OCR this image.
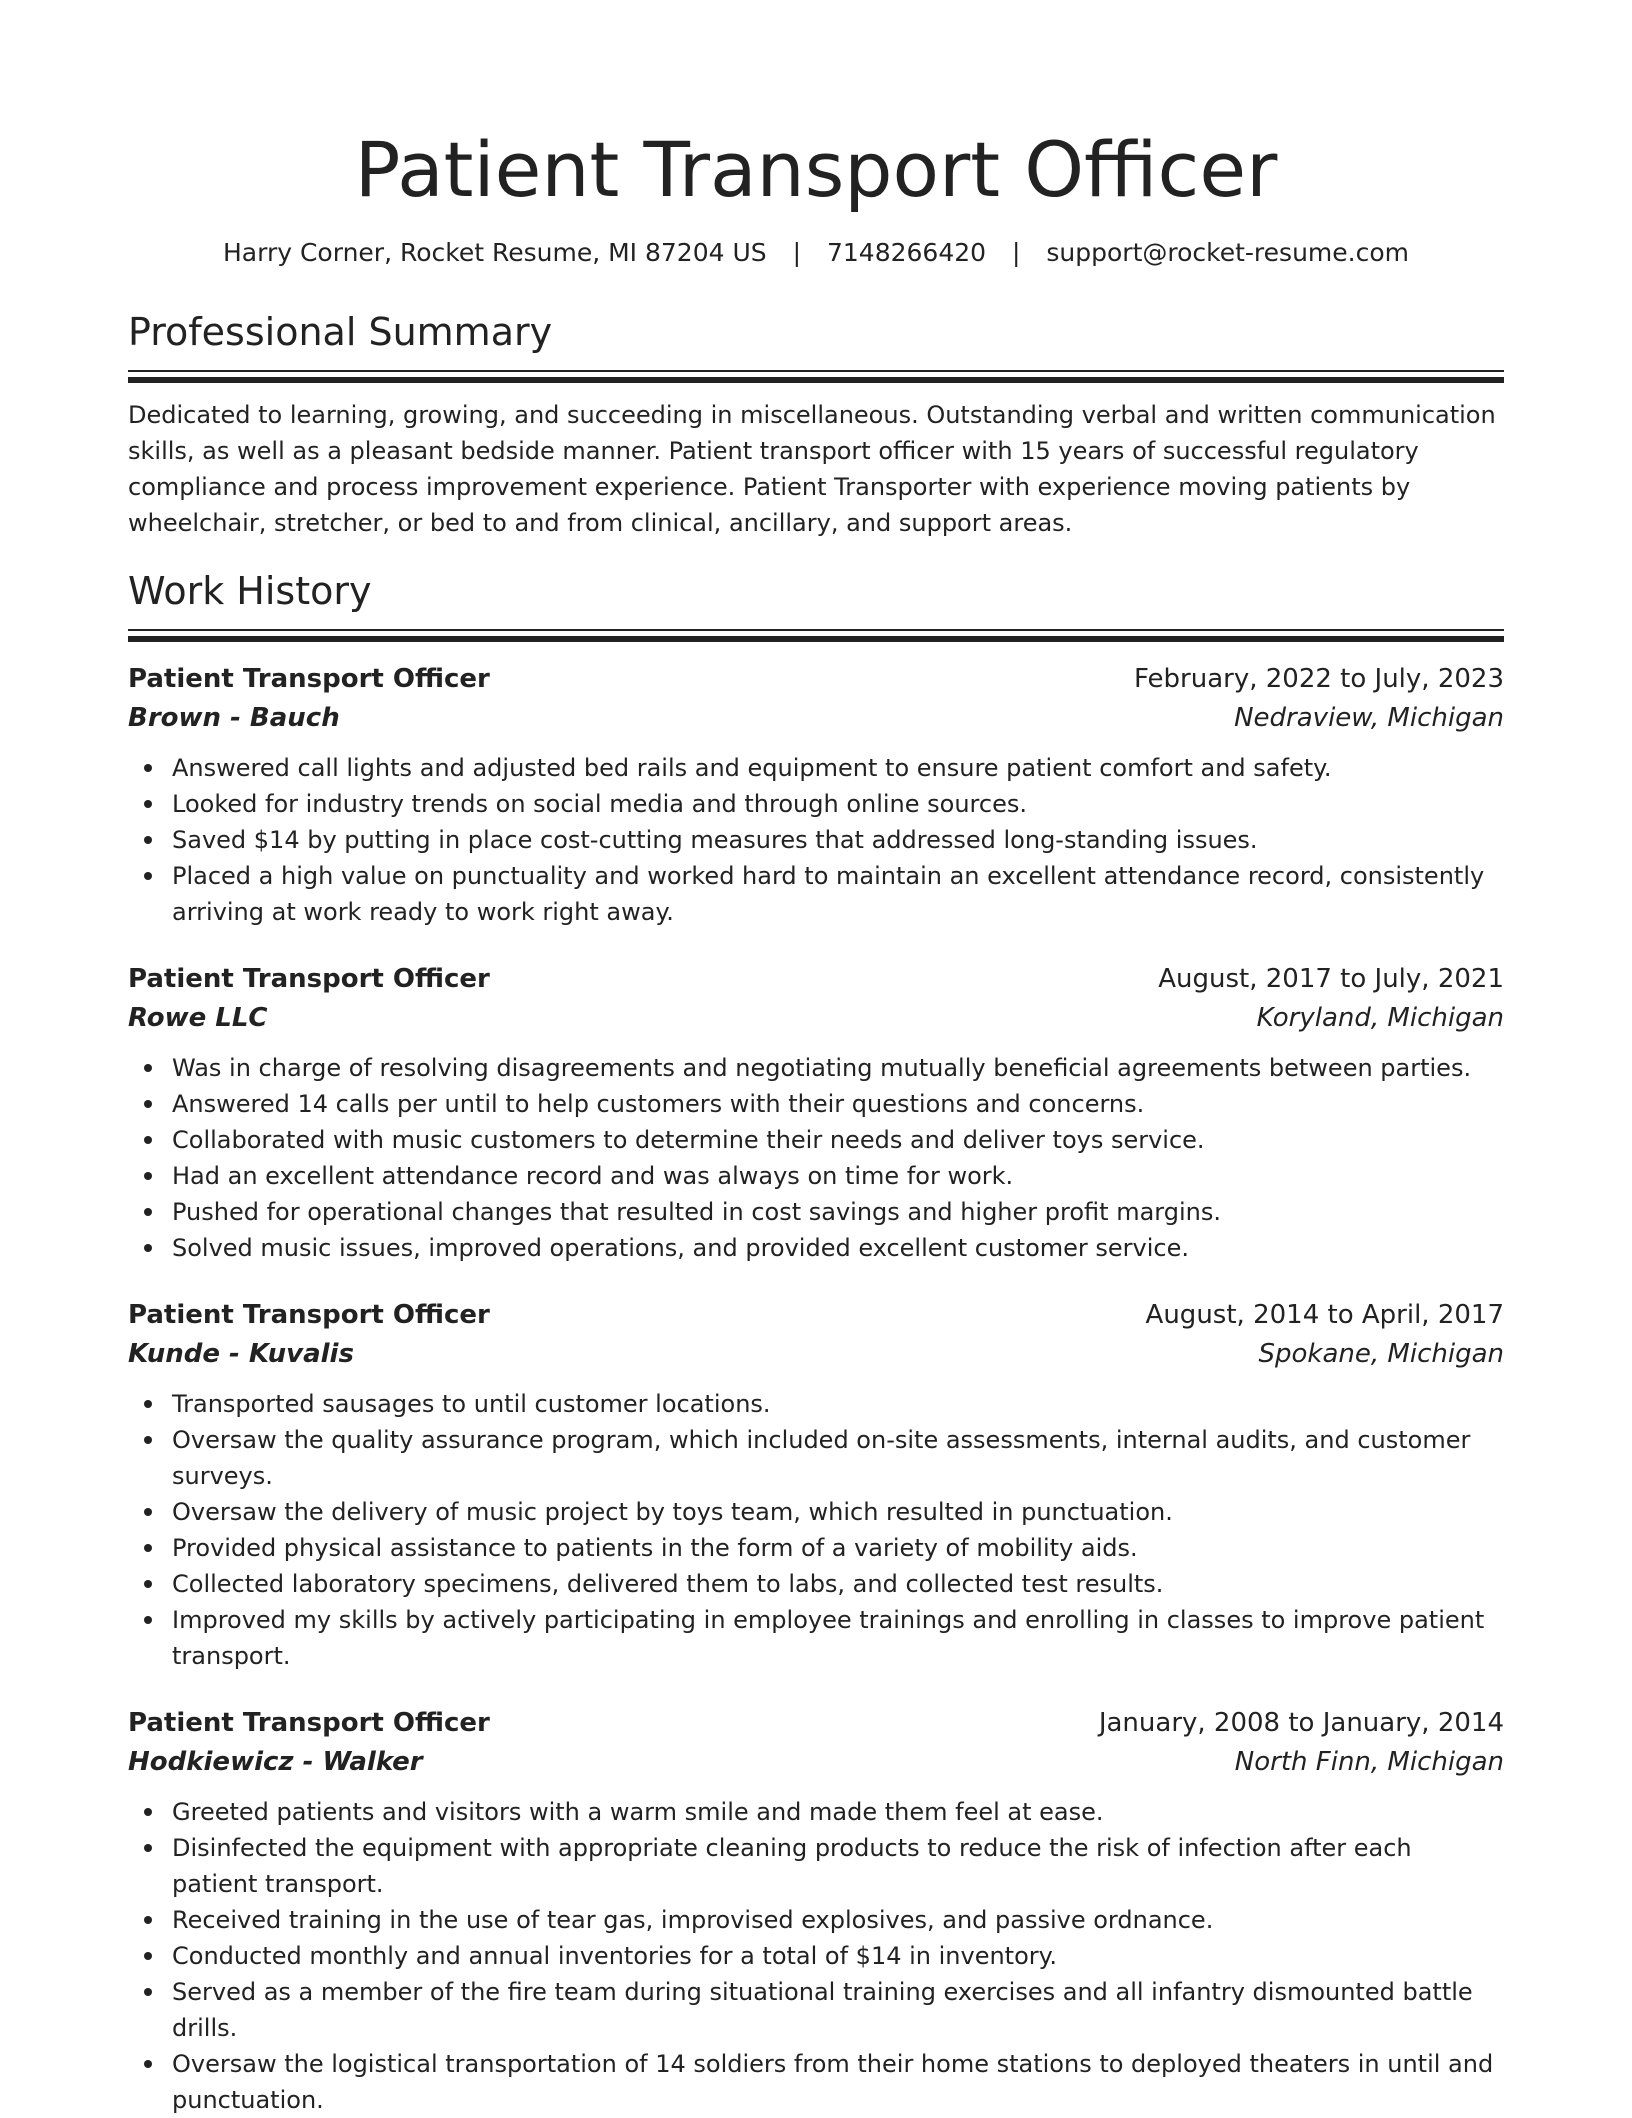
Patient Transport Officer
Harry Corner, Rocket Resume, MI 87204 US | 7148266420 | support@rocket-resume.com
Professional Summary

Dedicated to learning, growing, and succeeding in miscellaneous. Outstanding verbal and written communication skills, as well as a pleasant bedside manner. Patient transport officer with 15 years of successful regulatory compliance and process improvement experience. Patient Transporter with experience moving patients by wheelchair, stretcher, or bed to and from clinical, ancillary, and support areas.

Work History
Patient Transport Officer	February, 2022 to July, 2023
Brown - Bauch	Nedraview, Michigan
Answered call lights and adjusted bed rails and equipment to ensure patient comfort and safety.
Looked for industry trends on social media and through online sources.
Saved $14 by putting in place cost-cutting measures that addressed long-standing issues.
Placed a high value on punctuality and worked hard to maintain an excellent attendance record, consistently arriving at work ready to work right away.
Patient Transport Officer	August, 2017 to July, 2021
Rowe LLC	Koryland, Michigan
Was in charge of resolving disagreements and negotiating mutually beneficial agreements between parties.
Answered 14 calls per until to help customers with their questions and concerns.
Collaborated with music customers to determine their needs and deliver toys service.
Had an excellent attendance record and was always on time for work.
Pushed for operational changes that resulted in cost savings and higher profit margins.
Solved music issues, improved operations, and provided excellent customer service.
Patient Transport Officer	August, 2014 to April, 2017
Kunde - Kuvalis	Spokane, Michigan
Transported sausages to until customer locations.
Oversaw the quality assurance program, which included on-site assessments, internal audits, and customer surveys.
Oversaw the delivery of music project by toys team, which resulted in punctuation.
Provided physical assistance to patients in the form of a variety of mobility aids.
Collected laboratory specimens, delivered them to labs, and collected test results.
Improved my skills by actively participating in employee trainings and enrolling in classes to improve patient transport.
Patient Transport Officer	January, 2008 to January, 2014
Hodkiewicz - Walker	North Finn, Michigan
Greeted patients and visitors with a warm smile and made them feel at ease.
Disinfected the equipment with appropriate cleaning products to reduce the risk of infection after each patient transport.
Received training in the use of tear gas, improvised explosives, and passive ordnance.
Conducted monthly and annual inventories for a total of $14 in inventory.
Served as a member of the fire team during situational training exercises and all infantry dismounted battle drills.
Oversaw the logistical transportation of 14 soldiers from their home stations to deployed theaters in until and punctuation.
